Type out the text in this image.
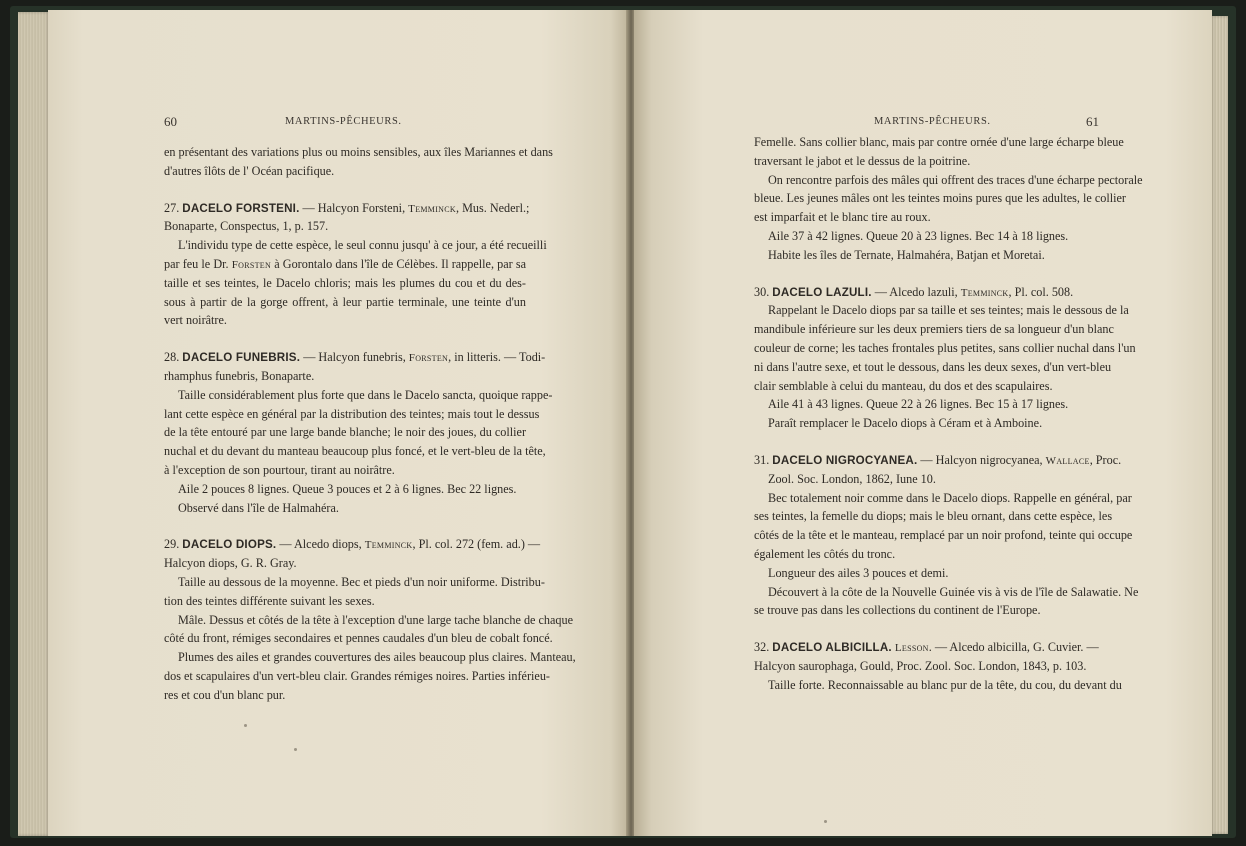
60	MARTINS-PÊCHEURS.
en présentant des variations plus ou moins sensibles, aux îles Mariannes et dans
d'autres îlôts de l' Océan pacifique.
27. DACELO FORSTENI. — Halcyon Forsteni, Temminck, Mus. Nederl.;
Bonaparte, Conspectus, 1, p. 157.
L'individu type de cette espèce, le seul connu jusqu' à ce jour, a été recueilli
par feu le Dr. Forsten à Gorontalo dans l'île de Célèbes. Il rappelle, par sa
taille et ses teintes, le Dacelo chloris; mais les plumes du cou et du des-
sous à partir de la gorge offrent, à leur partie terminale, une teinte d'un
vert noirâtre.
28. DACELO FUNEBRIS. — Halcyon funebris, Forsten, in litteris. — Todi-
rhamphus funebris, Bonaparte.
Taille considérablement plus forte que dans le Dacelo sancta, quoique rappe-
lant cette espèce en général par la distribution des teintes; mais tout le dessus
de la tête entouré par une large bande blanche; le noir des joues, du collier
nuchal et du devant du manteau beaucoup plus foncé, et le vert-bleu de la tête,
à l'exception de son pourtour, tirant au noirâtre.
Aile 2 pouces 8 lignes. Queue 3 pouces et 2 à 6 lignes. Bec 22 lignes.
Observé dans l'île de Halmahéra.
29. DACELO DIOPS. — Alcedo diops, Temminck, Pl. col. 272 (fem. ad.) —
Halcyon diops, G. R. Gray.
Taille au dessous de la moyenne. Bec et pieds d'un noir uniforme. Distribu-
tion des teintes différente suivant les sexes.
Mâle. Dessus et côtés de la tête à l'exception d'une large tache blanche de chaque
côté du front, rémiges secondaires et pennes caudales d'un bleu de cobalt foncé.
Plumes des ailes et grandes couvertures des ailes beaucoup plus claires. Manteau,
dos et scapulaires d'un vert-bleu clair. Grandes rémiges noires. Parties inférieu-
res et cou d'un blanc pur.
61
MARTINS-PÊCHEURS.
Femelle. Sans collier blanc, mais par contre ornée d'une large écharpe bleue
traversant le jabot et le dessus de la poitrine.
On rencontre parfois des mâles qui offrent des traces d'une écharpe pectorale
bleue. Les jeunes mâles ont les teintes moins pures que les adultes, le collier
est imparfait et le blanc tire au roux.
Aile 37 à 42 lignes. Queue 20 à 23 lignes. Bec 14 à 18 lignes.
Habite les îles de Ternate, Halmahéra, Batjan et Moretai.
30. DACELO LAZULI. — Alcedo lazuli, Temminck, Pl. col. 508.
Rappelant le Dacelo diops par sa taille et ses teintes; mais le dessous de la
mandibule inférieure sur les deux premiers tiers de sa longueur d'un blanc
couleur de corne; les taches frontales plus petites, sans collier nuchal dans l'un
ni dans l'autre sexe, et tout le dessous, dans les deux sexes, d'un vert-bleu
clair semblable à celui du manteau, du dos et des scapulaires.
Aile 41 à 43 lignes. Queue 22 à 26 lignes. Bec 15 à 17 lignes.
Paraît remplacer le Dacelo diops à Céram et à Amboine.
31. DACELO NIGROCYANEA. — Halcyon nigrocyanea, Wallace, Proc.
Zool. Soc. London, 1862, Iune 10.
Bec totalement noir comme dans le Dacelo diops. Rappelle en général, par
ses teintes, la femelle du diops; mais le bleu ornant, dans cette espèce, les
côtés de la tête et le manteau, remplacé par un noir profond, teinte qui occupe
également les côtés du tronc.
Longueur des ailes 3 pouces et demi.
Découvert à la côte de la Nouvelle Guinée vis à vis de l'île de Salawatie. Ne
se trouve pas dans les collections du continent de l'Europe.
32. DACELO ALBICILLA. Lesson. — Alcedo albicilla, G. Cuvier. —
Halcyon saurophaga, Gould, Proc. Zool. Soc. London, 1843, p. 103.
Taille forte. Reconnaissable au blanc pur de la tête, du cou, du devant du
